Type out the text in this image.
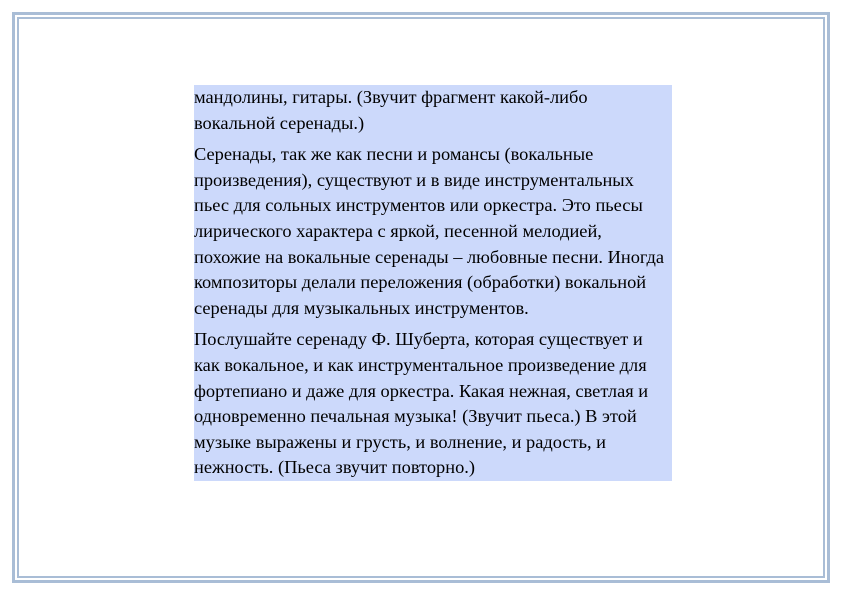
мандолины, гитары. (Звучит фрагмент какой-либо вокальной серенады.)

Серенады, так же как песни и романсы (вокальные произведения), существуют и в виде инструментальных пьес для сольных инструментов или оркестра. Это пьесы лирического характера с яркой, песенной мелодией, похожие на вокальные серенады – любовные песни. Иногда композиторы делали переложения (обработки) вокальной серенады для музыкальных инструментов.

Послушайте серенаду Ф. Шуберта, которая существует и как вокальное, и как инструментальное произведение для фортепиано и даже для оркестра. Какая нежная, светлая и одновременно печальная музыка! (Звучит пьеса.) В этой музыке выражены и грусть, и волнение, и радость, и нежность. (Пьеса звучит повторно.)
